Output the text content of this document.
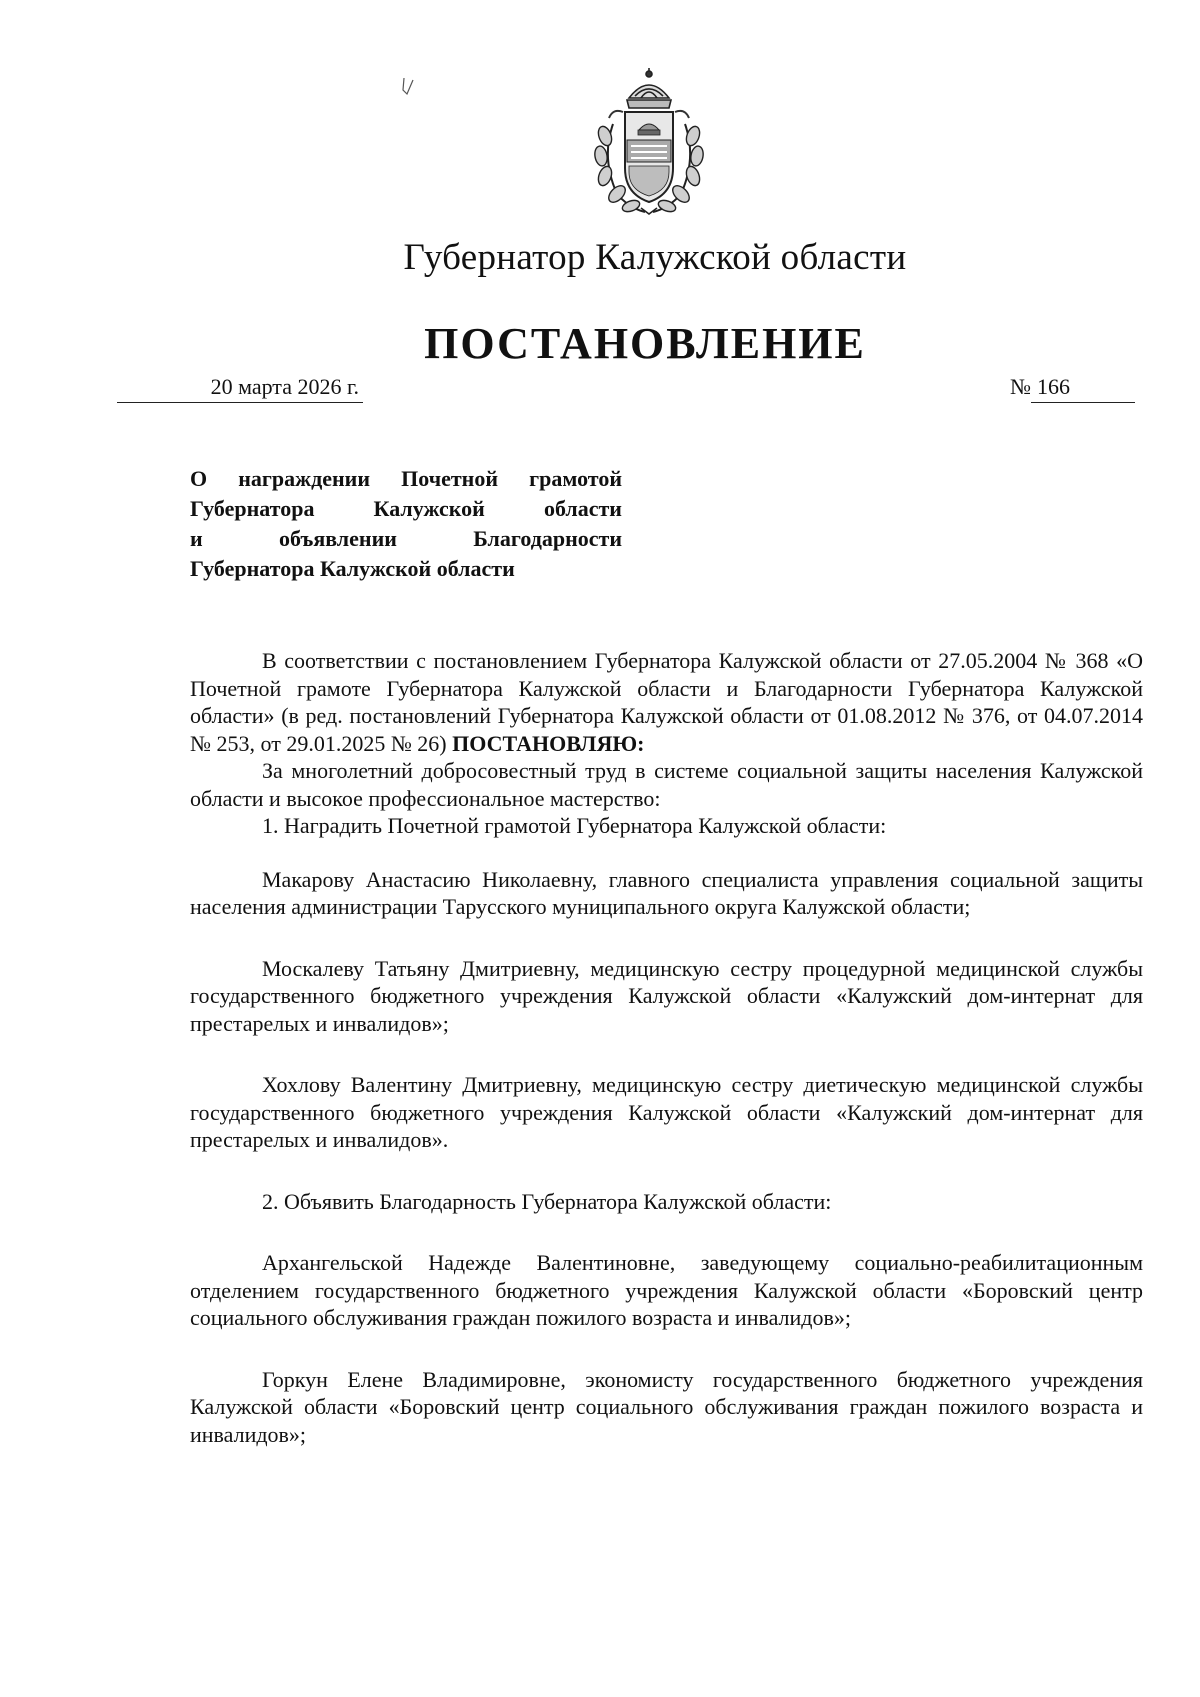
Губернатор Калужской области
ПОСТАНОВЛЕНИЕ
20 марта 2026 г.	№ 166
О награждении Почетной грамотой
Губернатора Калужской области
и объявлении Благодарности
Губернатора Калужской области

В соответствии с постановлением Губернатора Калужской области от 27.05.2004 № 368 «О Почетной грамоте Губернатора Калужской области и Благодарности Губернатора Калужской области» (в ред. постановлений Губернатора Калужской области от 01.08.2012 № 376, от 04.07.2014 № 253, от 29.01.2025 № 26) ПОСТАНОВЛЯЮ:

За многолетний добросовестный труд в системе социальной защиты населения Калужской области и высокое профессиональное мастерство:

1. Наградить Почетной грамотой Губернатора Калужской области:

Макарову Анастасию Николаевну, главного специалиста управления социальной защиты населения администрации Тарусского муниципального округа Калужской области;

Москалеву Татьяну Дмитриевну, медицинскую сестру процедурной медицинской службы государственного бюджетного учреждения Калужской области «Калужский дом-интернат для престарелых и инвалидов»;

Хохлову Валентину Дмитриевну, медицинскую сестру диетическую медицинской службы государственного бюджетного учреждения Калужской области «Калужский дом-интернат для престарелых и инвалидов».

2. Объявить Благодарность Губернатора Калужской области:

Архангельской Надежде Валентиновне, заведующему социально-реабилитационным отделением государственного бюджетного учреждения Калужской области «Боровский центр социального обслуживания граждан пожилого возраста и инвалидов»;

Горкун Елене Владимировне, экономисту государственного бюджетного учреждения Калужской области «Боровский центр социального обслуживания граждан пожилого возраста и инвалидов»;
